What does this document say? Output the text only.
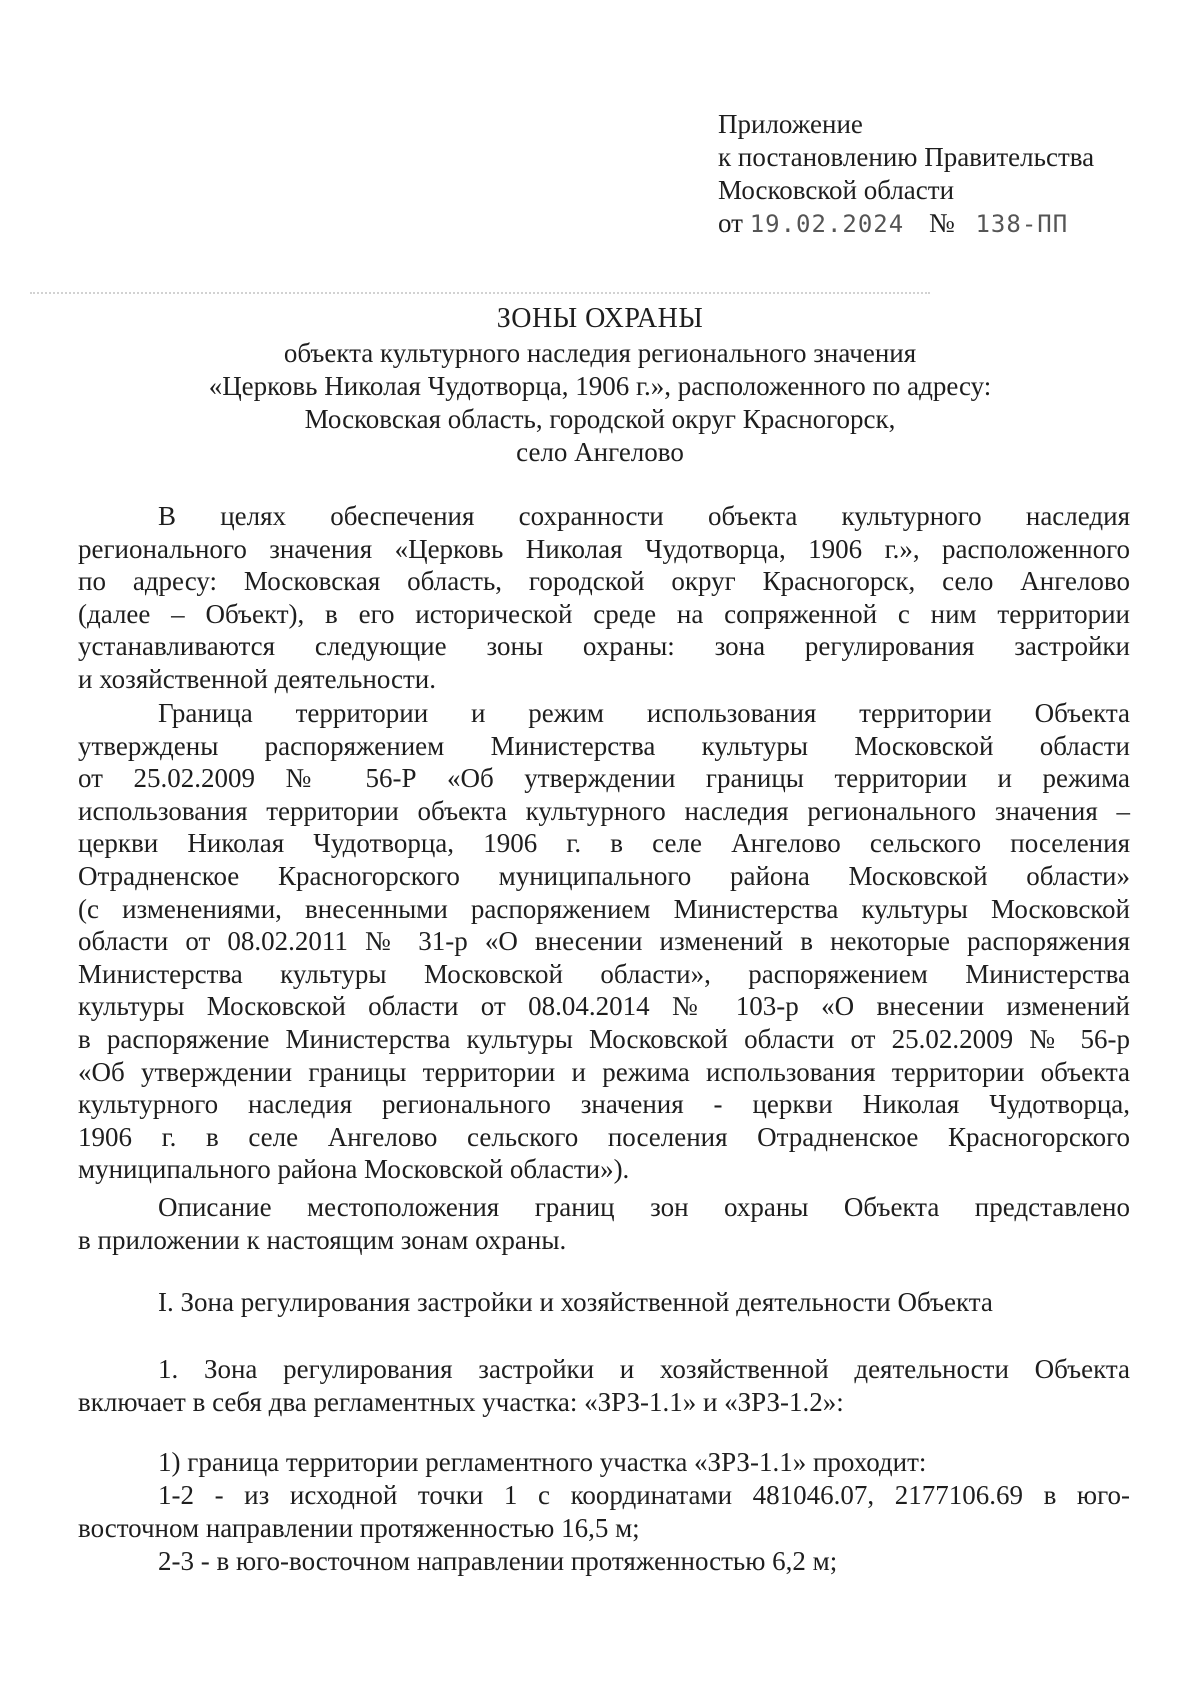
Приложение
к постановлению Правительства
Московской области
от 19.02.2024 № 138-ПП
ЗОНЫ ОХРАНЫ
объекта культурного наследия регионального значения
«Церковь Николая Чудотворца, 1906 г.», расположенного по адресу:
Московская область, городской округ Красногорск,
село Ангелово
В целях обеспечения сохранности объекта культурного наследия
регионального значения «Церковь Николая Чудотворца, 1906 г.», расположенного
по адресу: Московская область, городской округ Красногорск, село Ангелово
(далее – Объект), в его исторической среде на сопряженной с ним территории
устанавливаются следующие зоны охраны: зона регулирования застройки
и хозяйственной деятельности.
Граница территории и режим использования территории Объекта
утверждены распоряжением Министерства культуры Московской области
от 25.02.2009 № 56-Р «Об утверждении границы территории и режима
использования территории объекта культурного наследия регионального значения –
церкви Николая Чудотворца, 1906 г. в селе Ангелово сельского поселения
Отрадненское Красногорского муниципального района Московской области»
(с изменениями, внесенными распоряжением Министерства культуры Московской
области от 08.02.2011 № 31-р «О внесении изменений в некоторые распоряжения
Министерства культуры Московской области», распоряжением Министерства
культуры Московской области от 08.04.2014 № 103-р «О внесении изменений
в распоряжение Министерства культуры Московской области от 25.02.2009 № 56-р
«Об утверждении границы территории и режима использования территории объекта
культурного наследия регионального значения - церкви Николая Чудотворца,
1906 г. в селе Ангелово сельского поселения Отрадненское Красногорского
муниципального района Московской области»).
Описание местоположения границ зон охраны Объекта представлено
в приложении к настоящим зонам охраны.
I. Зона регулирования застройки и хозяйственной деятельности Объекта
1. Зона регулирования застройки и хозяйственной деятельности Объекта
включает в себя два регламентных участка: «ЗРЗ-1.1» и «ЗРЗ-1.2»:
1) граница территории регламентного участка «ЗРЗ-1.1» проходит:
1-2 - из исходной точки 1 с координатами 481046.07, 2177106.69 в юго-
восточном направлении протяженностью 16,5 м;
2-3 - в юго-восточном направлении протяженностью 6,2 м;
